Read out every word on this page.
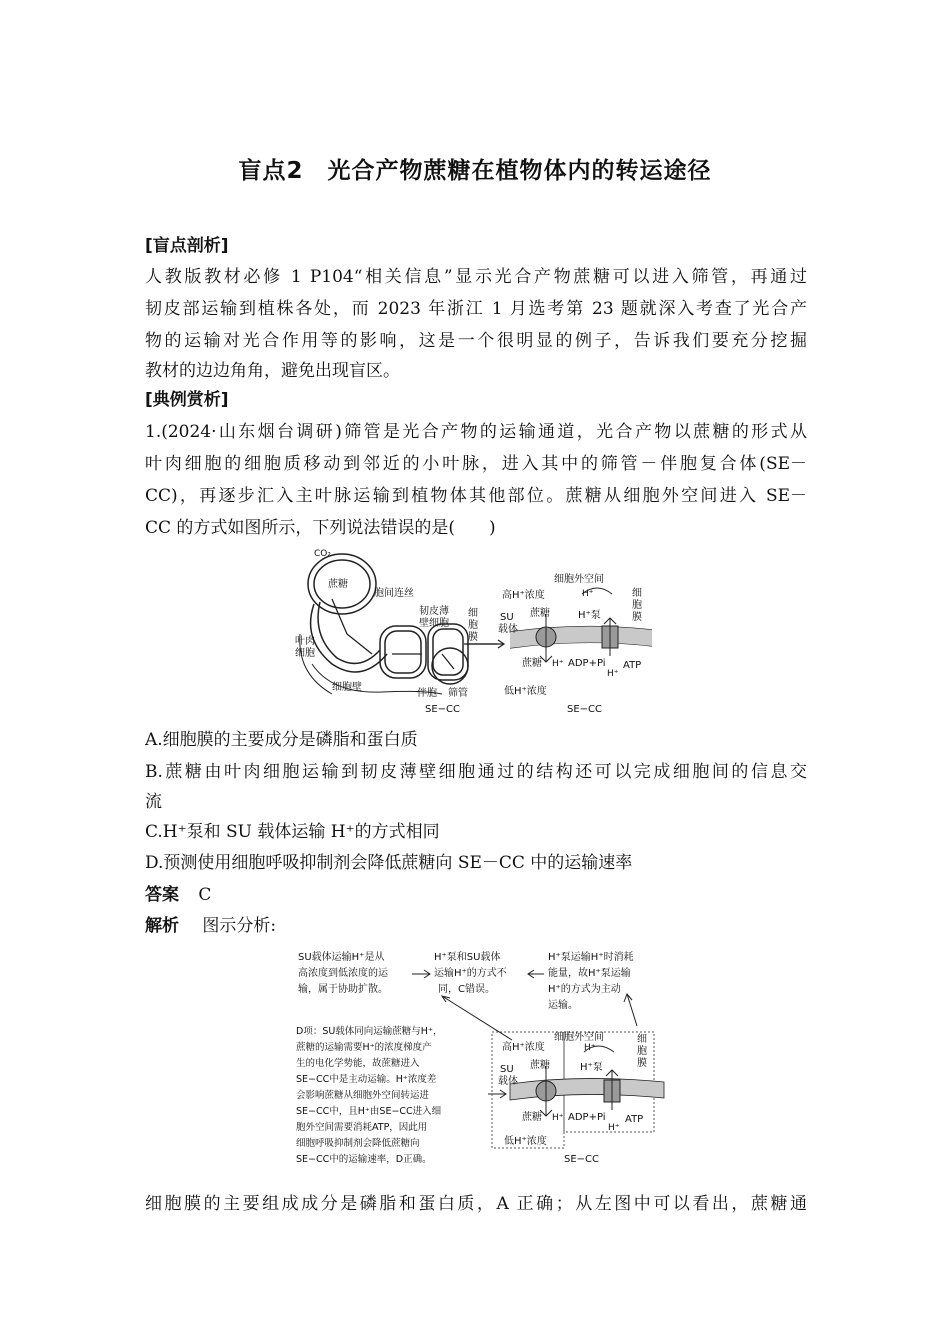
盲点2　光合产物蔗糖在植物体内的转运途径
[盲点剖析]
人教版教材必修 1 P104“相关信息”显示光合产物蔗糖可以进入筛管，再通过
韧皮部运输到植株各处，而 2023 年浙江 1 月选考第 23 题就深入考查了光合产
物的运输对光合作用等的影响，这是一个很明显的例子，告诉我们要充分挖掘
教材的边边角角，避免出现盲区。
[典例赏析]
1.(2024·山东烟台调研)筛管是光合产物的运输通道，光合产物以蔗糖的形式从
叶肉细胞的细胞质移动到邻近的小叶脉，进入其中的筛管－伴胞复合体(SE－
CC)，再逐步汇入主叶脉运输到植物体其他部位。蔗糖从细胞外空间进入 SE－
CC 的方式如图所示，下列说法错误的是(　　)
CO₂
蔗糖
胞间连丝
韧皮薄
壁细胞
细
胞
膜
叶肉
细胞
细胞壁
伴胞 筛管
SE−CC
细胞外空间
高H⁺浓度	H⁺
SU
载体
蔗糖	H⁺泵
细
胞
膜
蔗糖 H⁺ ADP+Pi ATP
H⁺
低H⁺浓度
SE−CC
A.细胞膜的主要成分是磷脂和蛋白质
B.蔗糖由叶肉细胞运输到韧皮薄壁细胞通过的结构还可以完成细胞间的信息交
流
C.H⁺泵和 SU 载体运输 H⁺的方式相同
D.预测使用细胞呼吸抑制剂会降低蔗糖向 SE－CC 中的运输速率
答案 C
解析 图示分析:
SU载体运输H⁺是从
高浓度到低浓度的运
输，属于协助扩散。
H⁺泵和SU载体
运输H⁺的方式不
同，C错误。
H⁺泵运输H⁺时消耗
能量，故H⁺泵运输
H⁺的方式为主动
运输。
D项：SU载体同向运输蔗糖与H⁺，
蔗糖的运输需要H⁺的浓度梯度产
生的电化学势能，故蔗糖进入
SE−CC中是主动运输。H⁺浓度差
会影响蔗糖从细胞外空间转运进
SE−CC中，且H⁺由SE−CC进入细
胞外空间需要消耗ATP，因此用
细胞呼吸抑制剂会降低蔗糖向
SE−CC中的运输速率，D正确。
细胞外空间
高H⁺浓度	H⁺
SU
载体
蔗糖	H⁺泵
细
胞
膜
蔗糖 H⁺ ADP+Pi ATP
H⁺
低H⁺浓度
SE−CC
细胞膜的主要组成成分是磷脂和蛋白质，A 正确；从左图中可以看出，蔗糖通
